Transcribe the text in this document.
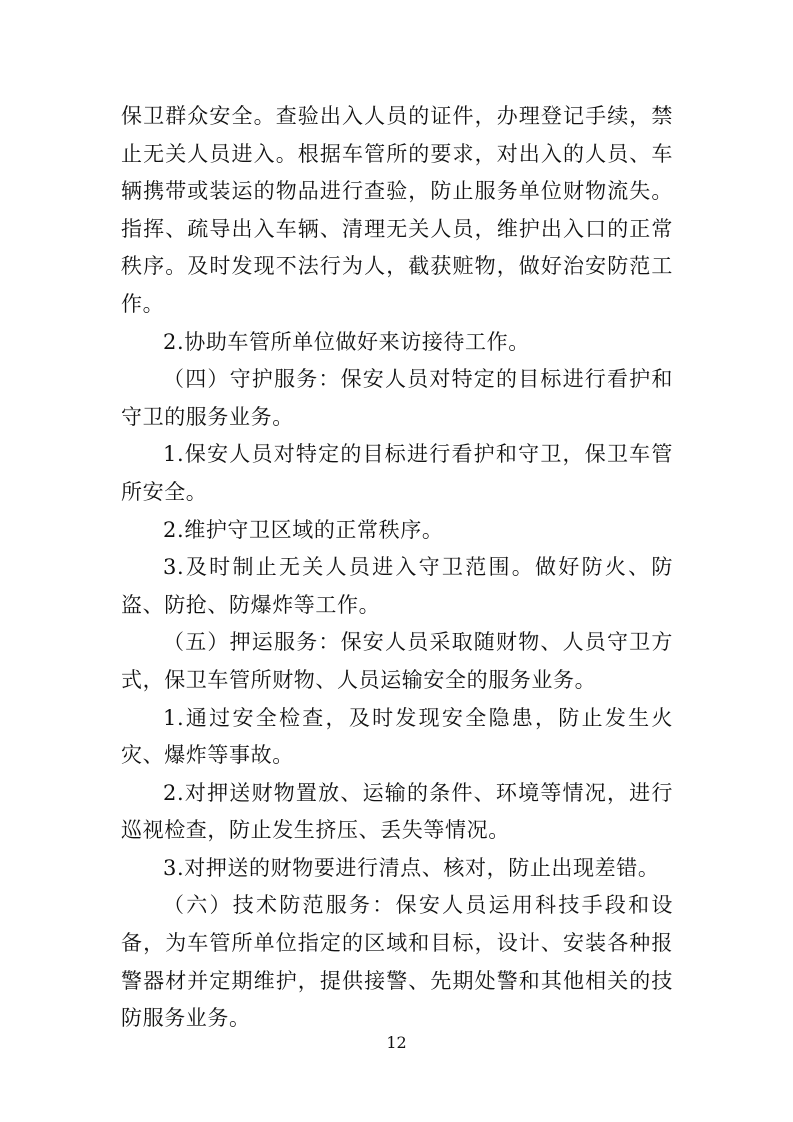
保卫群众安全。查验出入人员的证件，办理登记手续，禁止无关人员进入。根据车管所的要求，对出入的人员、车辆携带或装运的物品进行查验，防止服务单位财物流失。指挥、疏导出入车辆、清理无关人员，维护出入口的正常秩序。及时发现不法行为人，截获赃物，做好治安防范工作。

2.协助车管所单位做好来访接待工作。

（四）守护服务：保安人员对特定的目标进行看护和守卫的服务业务。

1.保安人员对特定的目标进行看护和守卫，保卫车管所安全。

2.维护守卫区域的正常秩序。

3.及时制止无关人员进入守卫范围。做好防火、防盗、防抢、防爆炸等工作。

（五）押运服务：保安人员采取随财物、人员守卫方式，保卫车管所财物、人员运输安全的服务业务。

1.通过安全检查，及时发现安全隐患，防止发生火灾、爆炸等事故。

2.对押送财物置放、运输的条件、环境等情况，进行巡视检查，防止发生挤压、丢失等情况。

3.对押送的财物要进行清点、核对，防止出现差错。

（六）技术防范服务：保安人员运用科技手段和设备，为车管所单位指定的区域和目标，设计、安装各种报警器材并定期维护，提供接警、先期处警和其他相关的技防服务业务。

12
